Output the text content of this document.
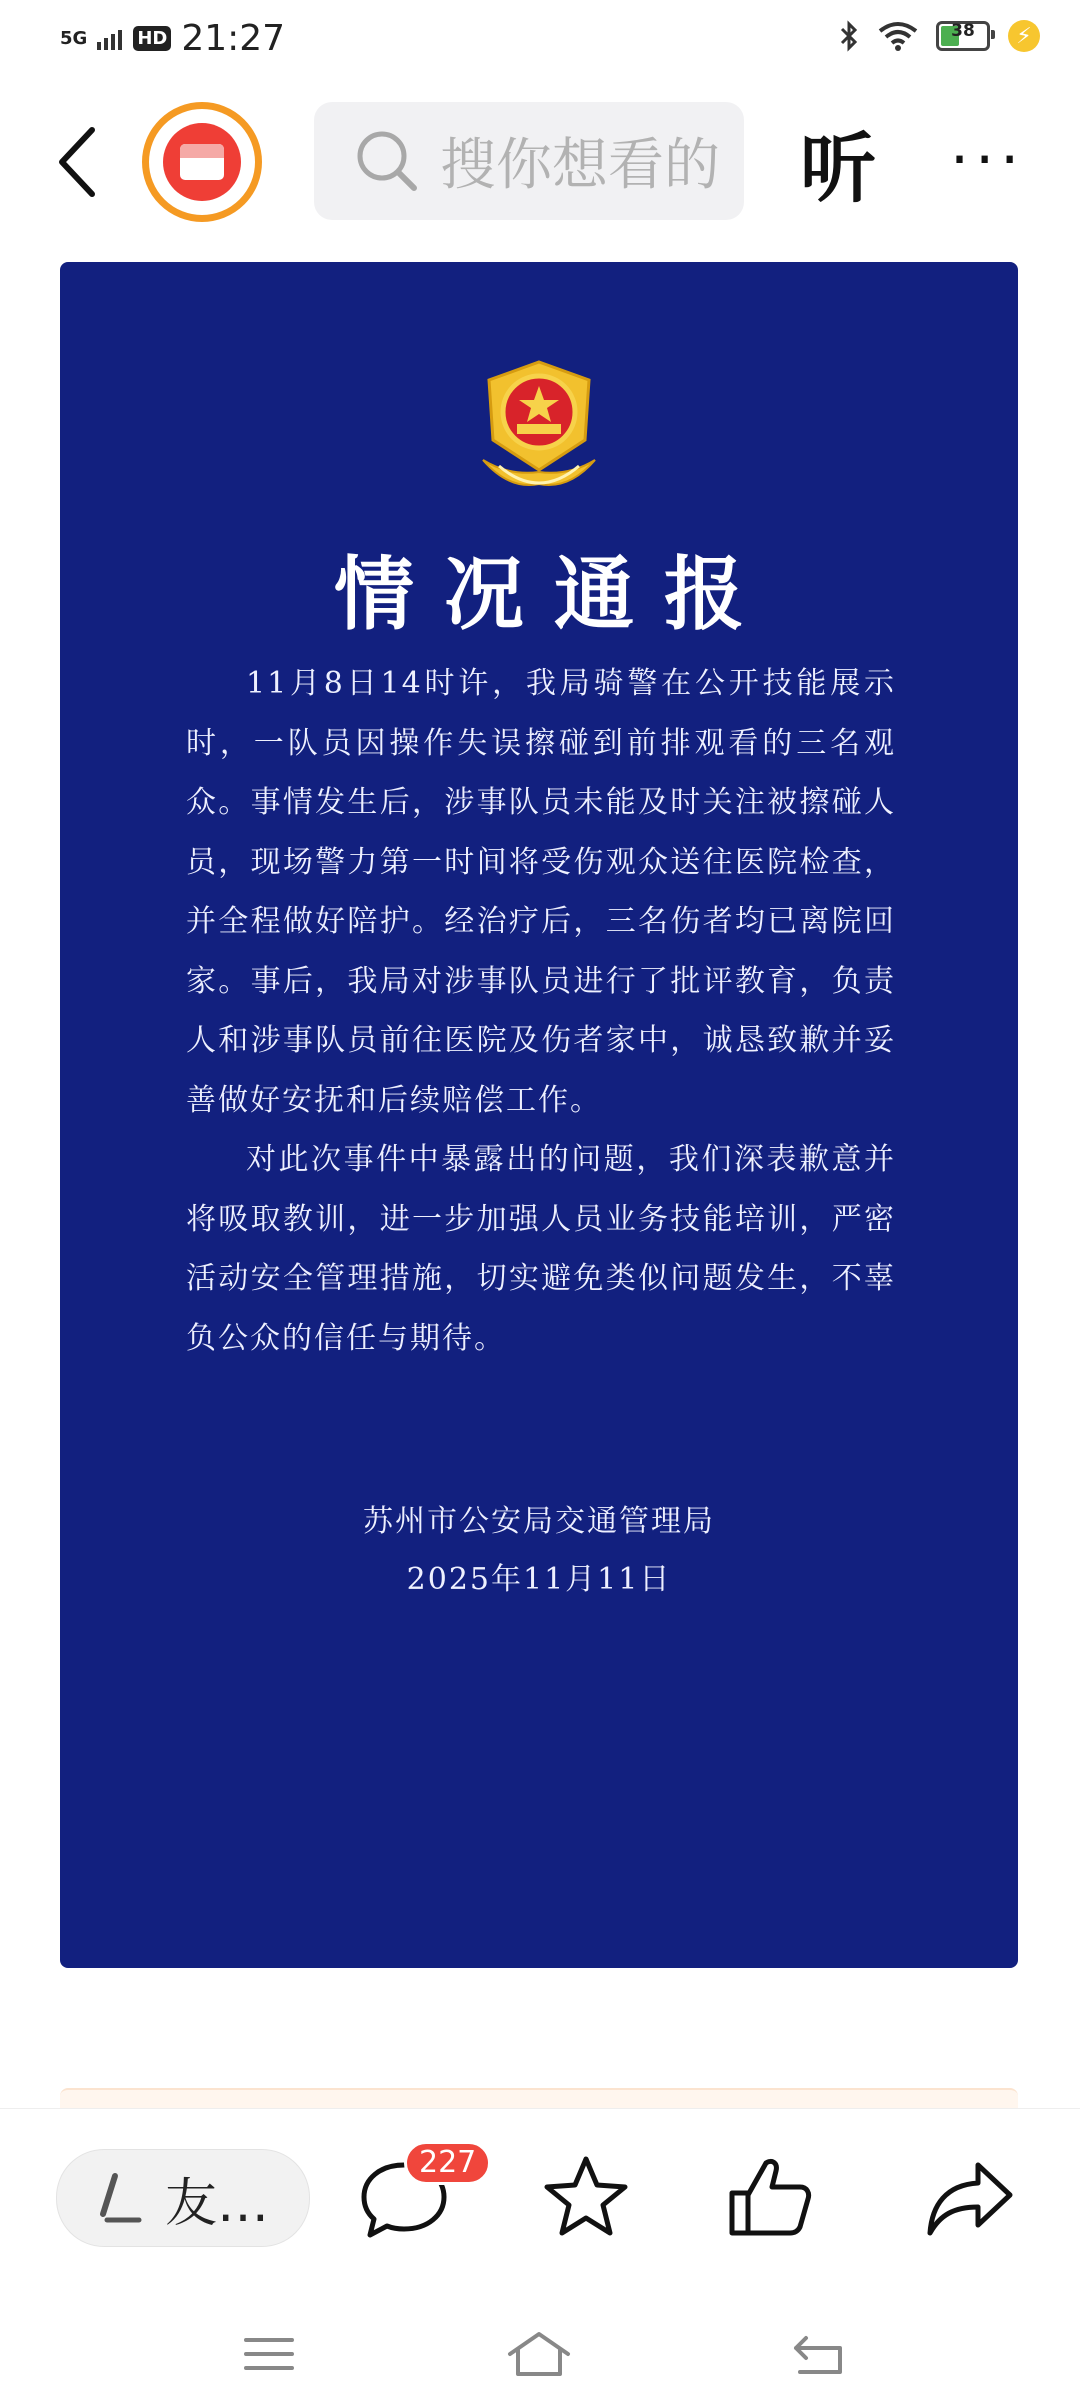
5G	HD 21:27	38	⚡
搜你想看的 听 ···
情况通报

11月8日14时许，我局骑警在公开技能展示时，一队员因操作失误擦碰到前排观看的三名观众。事情发生后，涉事队员未能及时关注被擦碰人员，现场警力第一时间将受伤观众送往医院检查，并全程做好陪护。经治疗后，三名伤者均已离院回家。事后，我局对涉事队员进行了批评教育，负责人和涉事队员前往医院及伤者家中，诚恳致歉并妥善做好安抚和后续赔偿工作。

对此次事件中暴露出的问题，我们深表歉意并将吸取教训，进一步加强人员业务技能培训，严密活动安全管理措施，切实避免类似问题发生，不辜负公众的信任与期待。

苏州市公安局交通管理局
2025年11月11日
友…
227
